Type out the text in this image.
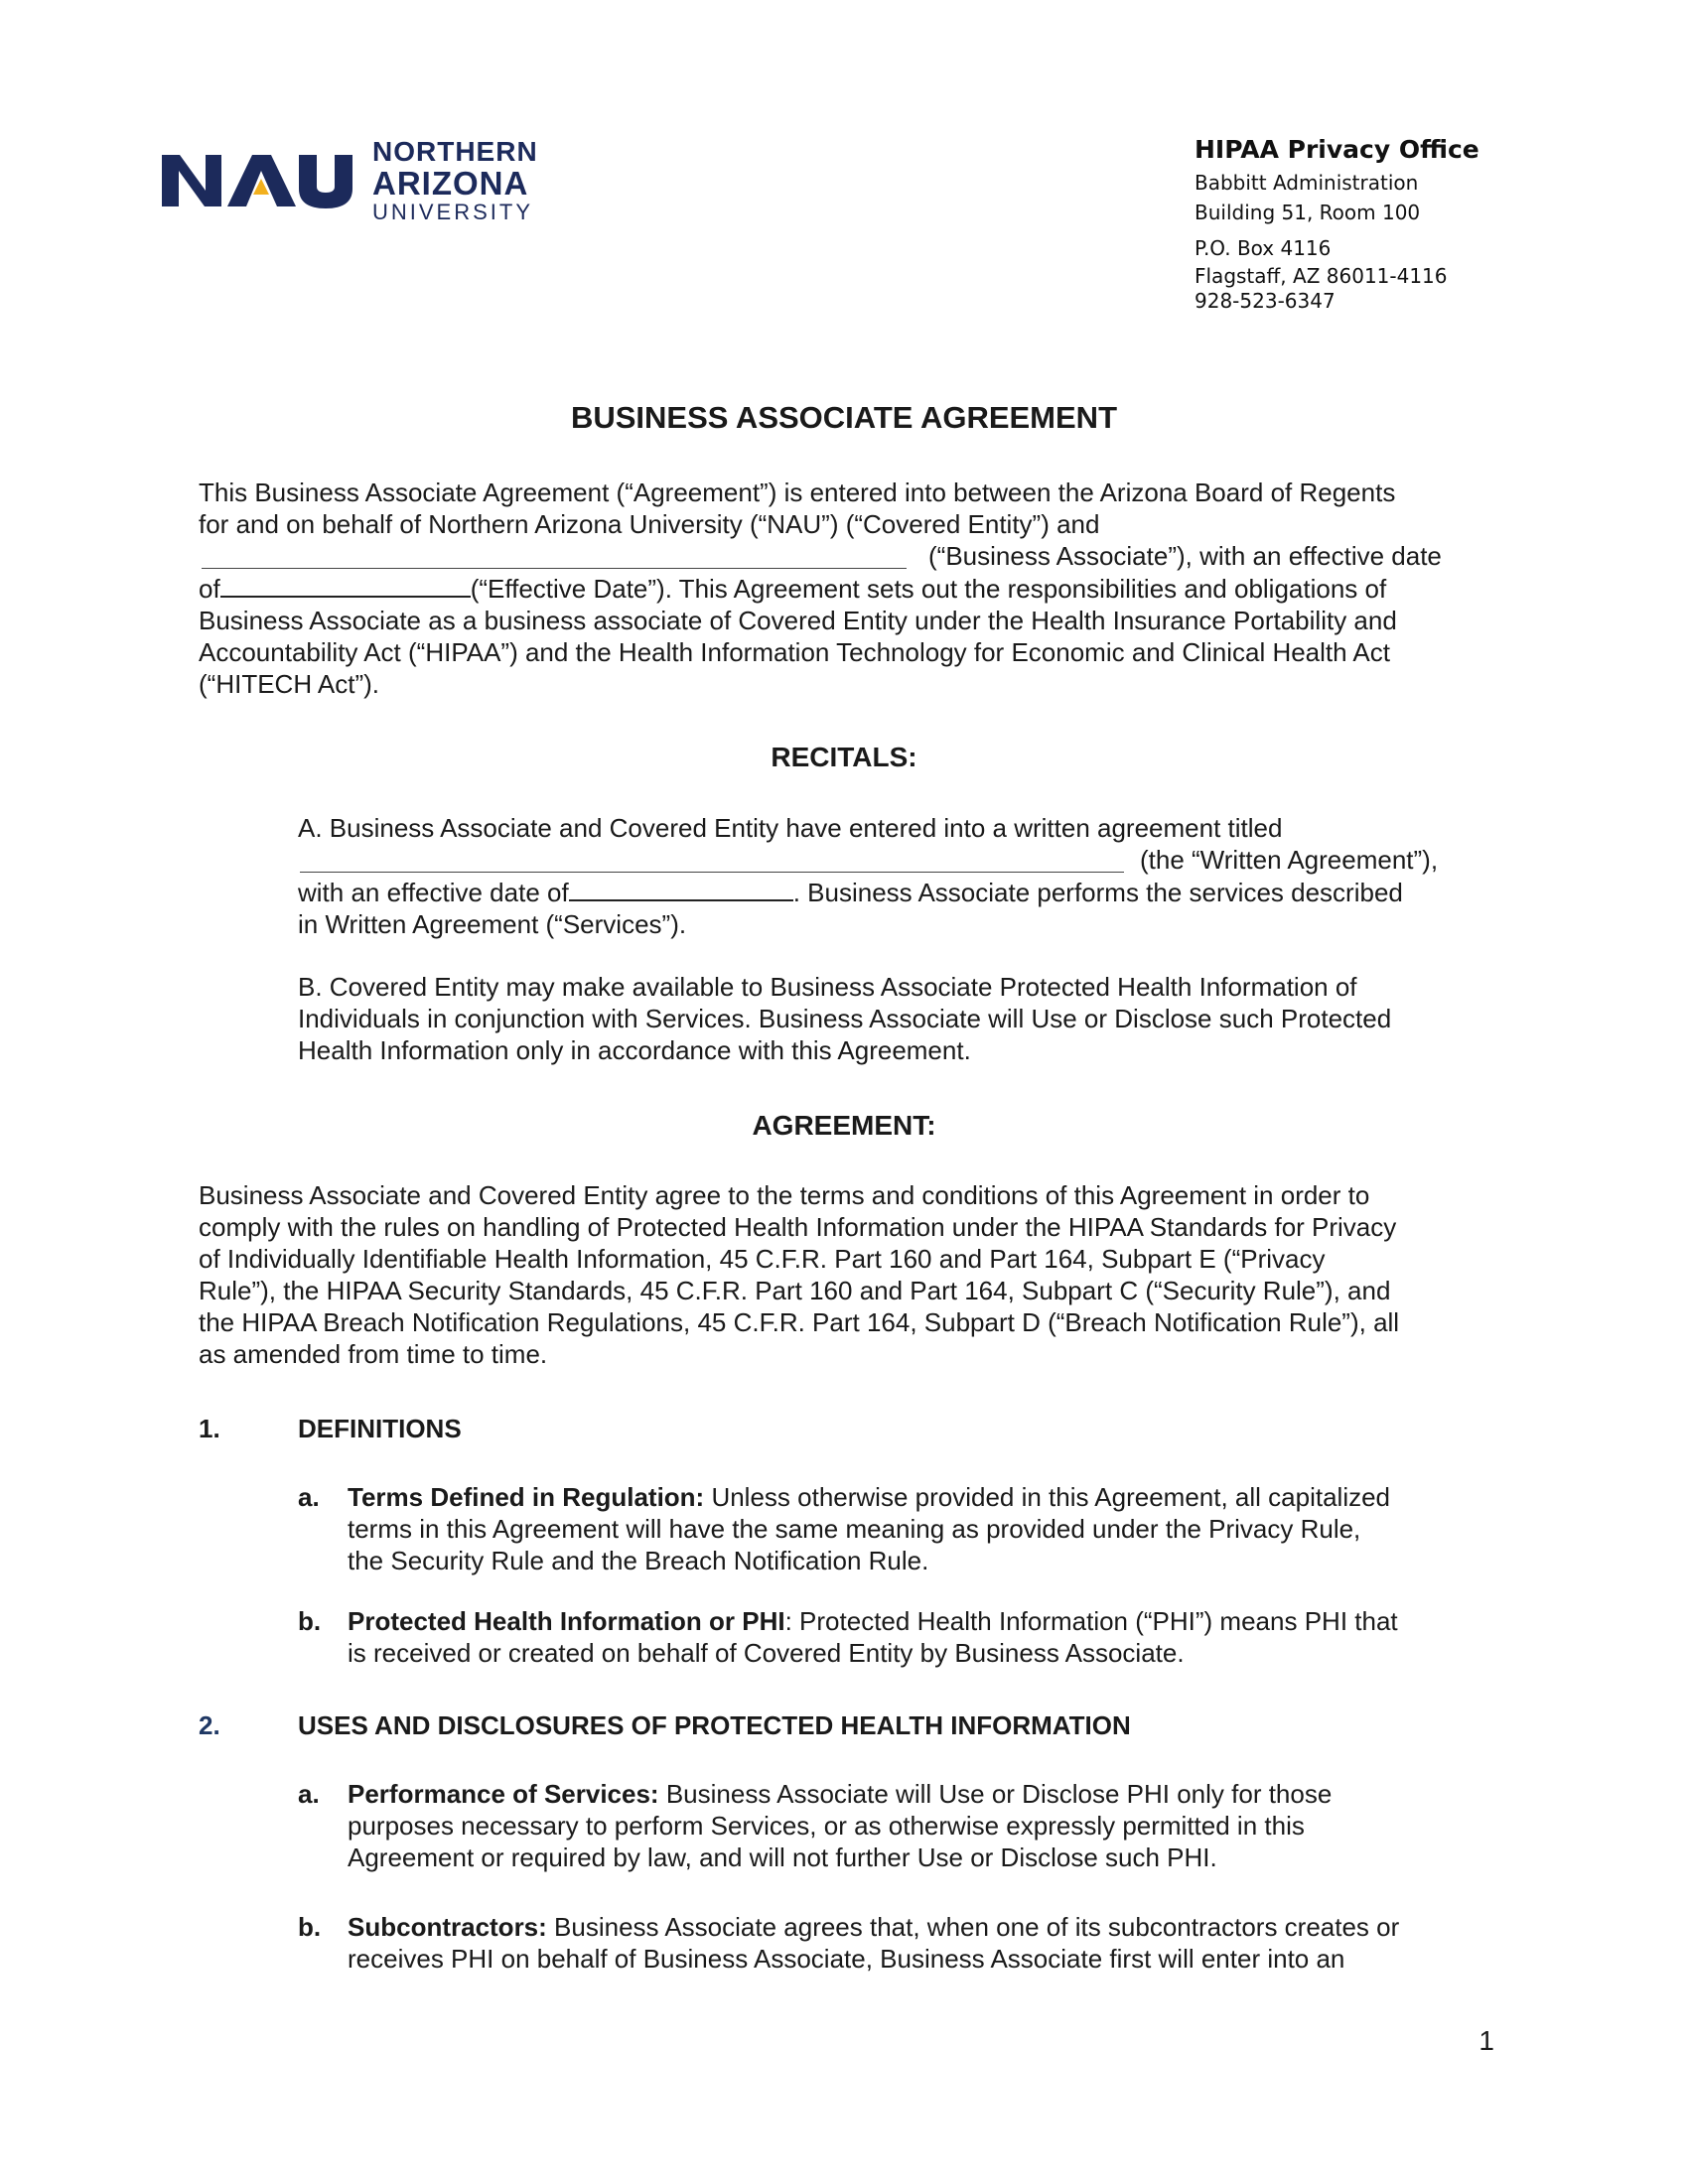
NORTHERN
ARIZONA
UNIVERSITY
HIPAA Privacy Office
Babbitt Administration
Building 51, Room 100
P.O. Box 4116
Flagstaff, AZ 86011-4116
928-523-6347
BUSINESS ASSOCIATE AGREEMENT
This Business Associate Agreement (“Agreement”) is entered into between the Arizona Board of Regents
for and on behalf of Northern Arizona University (“NAU”) (“Covered Entity”) and
(“Business Associate”), with an effective date
of	(“Effective Date”). This Agreement sets out the responsibilities and obligations of
Business Associate as a business associate of Covered Entity under the Health Insurance Portability and
Accountability Act (“HIPAA”) and the Health Information Technology for Economic and Clinical Health Act
(“HITECH Act”).
RECITALS:
A. Business Associate and Covered Entity have entered into a written agreement titled
(the “Written Agreement”),
with an effective date of	. Business Associate performs the services described
in Written Agreement (“Services”).
B. Covered Entity may make available to Business Associate Protected Health Information of
Individuals in conjunction with Services. Business Associate will Use or Disclose such Protected
Health Information only in accordance with this Agreement.
AGREEMENT:
Business Associate and Covered Entity agree to the terms and conditions of this Agreement in order to
comply with the rules on handling of Protected Health Information under the HIPAA Standards for Privacy
of Individually Identifiable Health Information, 45 C.F.R. Part 160 and Part 164, Subpart E (“Privacy
Rule”), the HIPAA Security Standards, 45 C.F.R. Part 160 and Part 164, Subpart C (“Security Rule”), and
the HIPAA Breach Notification Regulations, 45 C.F.R. Part 164, Subpart D (“Breach Notification Rule”), all
as amended from time to time.
1.	DEFINITIONS
a. Terms Defined in Regulation: Unless otherwise provided in this Agreement, all capitalized
terms in this Agreement will have the same meaning as provided under the Privacy Rule,
the Security Rule and the Breach Notification Rule.
b. Protected Health Information or PHI: Protected Health Information (“PHI”) means PHI that
is received or created on behalf of Covered Entity by Business Associate.
2.	USES AND DISCLOSURES OF PROTECTED HEALTH INFORMATION
a. Performance of Services: Business Associate will Use or Disclose PHI only for those
purposes necessary to perform Services, or as otherwise expressly permitted in this
Agreement or required by law, and will not further Use or Disclose such PHI.
b. Subcontractors: Business Associate agrees that, when one of its subcontractors creates or
receives PHI on behalf of Business Associate, Business Associate first will enter into an
1
